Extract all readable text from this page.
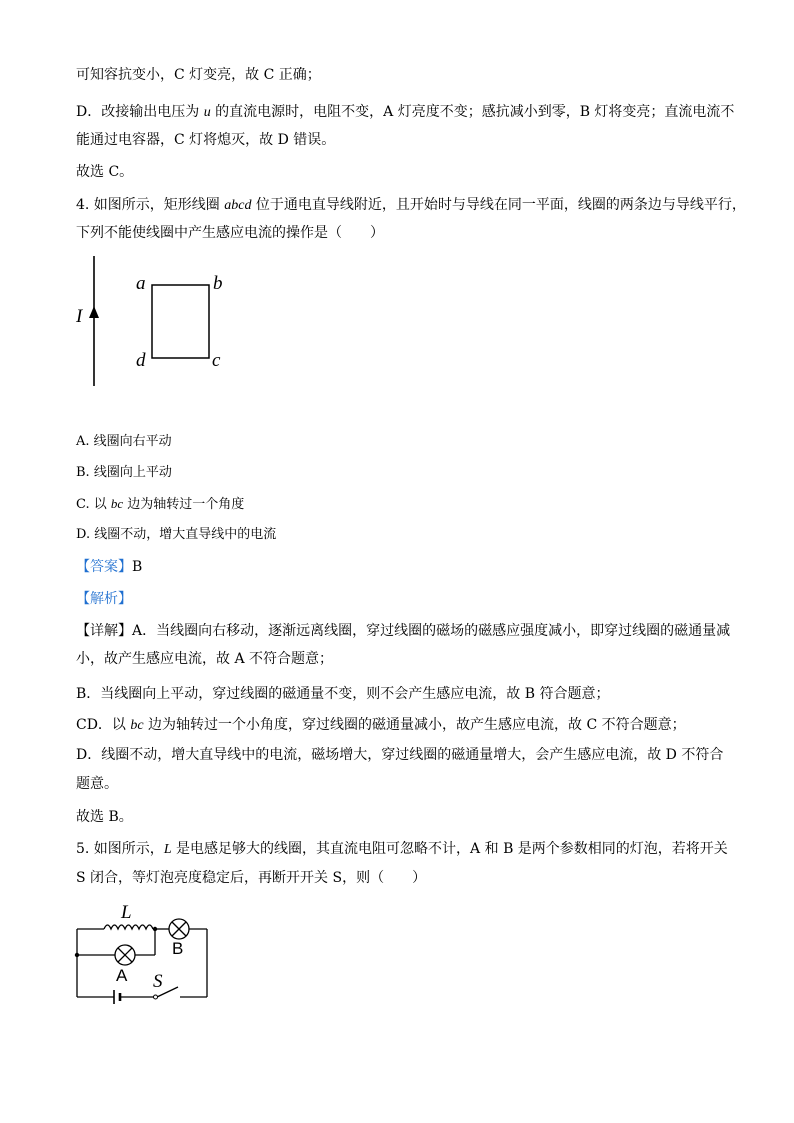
可知容抗变小，C 灯变亮，故 C 正确；
D．改接输出电压为 u 的直流电源时，电阻不变，A 灯亮度不变；感抗减小到零，B 灯将变亮；直流电流不
能通过电容器，C 灯将熄灭，故 D 错误。
故选 C。
4. 如图所示，矩形线圈 abcd 位于通电直导线附近，且开始时与导线在同一平面，线圈的两条边与导线平行，
下列不能使线圈中产生感应电流的操作是（　　）
I
a	b
c
d
A. 线圈向右平动
B. 线圈向上平动
C. 以 bc 边为轴转过一个角度
D. 线圈不动，增大直导线中的电流
【答案】B
【解析】
【详解】A．当线圈向右移动，逐渐远离线圈，穿过线圈的磁场的磁感应强度减小，即穿过线圈的磁通量减
小，故产生感应电流，故 A 不符合题意；
B．当线圈向上平动，穿过线圈的磁通量不变，则不会产生感应电流，故 B 符合题意；
CD．以 bc 边为轴转过一个小角度，穿过线圈的磁通量减小，故产生感应电流，故 C 不符合题意；
D．线圈不动，增大直导线中的电流，磁场增大，穿过线圈的磁通量增大，会产生感应电流，故 D 不符合
题意。
故选 B。
5. 如图所示，L 是电感足够大的线圈，其直流电阻可忽略不计，A 和 B 是两个参数相同的灯泡，若将开关
S 闭合，等灯泡亮度稳定后，再断开开关 S，则（　　）
L
B
A S
